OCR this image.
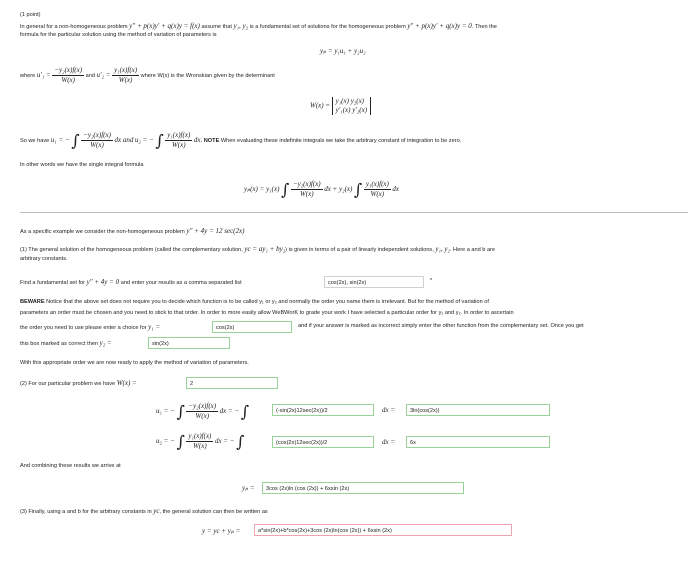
(1 point)
In general for a non-homogeneous problem y″ + p(x)y′ + q(x)y = f(x) assume that y₁, y₂ is a fundamental set of solutions for the homogeneous problem y″ + p(x)y′ + q(x)y = 0. Then the
formula for the particular solution using the method of variation of parameters is
yₚ = y₁u₁ + y₂u₂
where $u'_1 = \frac{\text{−y₂(x)f(x)}}{W(x)}$ and $u'_2 = \frac{\text{y₁(x)f(x)}}{W(x)}$ where W(x) is the Wronskian given by the determinant
W(x) =
y₁(x) y₂(x)
y′₁(x) y′₂(x)
So we have u₁ = − ∫ $\frac{\text{−y₂(x)f(x)}}{W(x)}$ dx and u₂ = − ∫ $\frac{\text{y₁(x)f(x)}}{W(x)}$ dx. NOTE When evaluating these indefinite integrals we take the arbitrary constant of integration to be zero.
In other words we have the single integral formula
yₚ(x) = y₁(x) ∫ $\frac{\text{−y₂(x)f(x)}}{W(x)}$ dx + y₂(x) ∫ $\frac{\text{y₁(x)f(x)}}{W(x)}$ dx
As a specific example we consider the non-homogeneous problem y″ + 4y = 12 sec(2x)
(1) The general solution of the homogeneous problem (called the complementary solution, yc = ay₁ + by₂) is given in terms of a pair of linearly independent solutions, y₁, y₂. Here a and b are
arbitrary constants.
Find a fundamental set for y″ + 4y = 0 and enter your results as a comma separated list	cos(2x), sin(2x)	*
BEWARE Notice that the above set does not require you to decide which function is to be called y₁ or y₂ and normally the order you name them is irrelevant. But for the method of variation of
parameters an order must be chosen and you need to stick to that order. In order to more easily allow WeBWorK to grade your work I have selected a particular order for y₁ and y₂. In order to ascertain
the order you need to use please enter a choice for y₁ =	cos(2x)	and if your answer is marked as incorrect simply enter the other function from the complementary set. Once you get
this box marked as correct then y₂ =	sin(2x)
With this appropriate order we are now ready to apply the method of variation of parameters.
(2) For our particular problem we have W(x) =	2
u₁ = − ∫ $\frac{\text{−y₂(x)f(x)}}{W(x)}$ dx = − ∫	(-sin(2x)12sec(2x))/2	dx =	3ln(cos(2x))
u₂ = − ∫ $\frac{\text{y₁(x)f(x)}}{W(x)}$ dx = − ∫	(cos(2x)12sec(2x))/2	dx =	6x
And combining these results we arrive at
yₚ =	3cos (2x)ln (cos (2x)) + 6xsin (2x)
(3) Finally, using a and b for the arbitrary constants in yc, the general solution can then be written as
y = yc + yₚ =	a*sin(2x)+b*cos(2x)+3cos (2x)ln(cos (2x)) + 6xsin (2x)
